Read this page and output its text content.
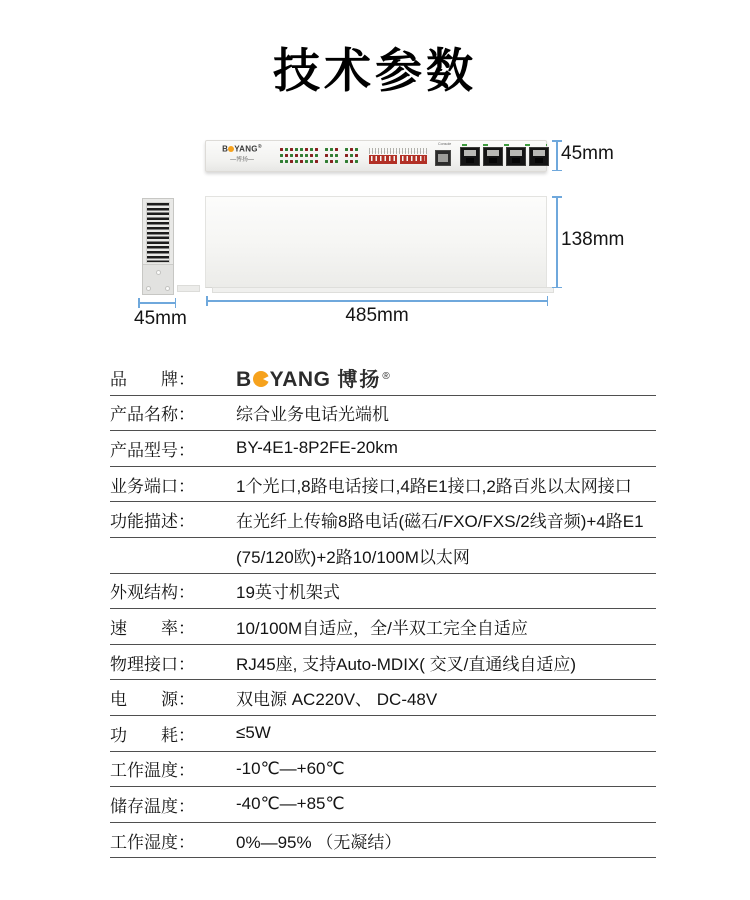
技术参数
B YANG®
—博扬—
Console	45mm
138mm
45mm	485mm
品　　牌：	B YANG 博扬®
产品名称：	综合业务电话光端机
产品型号：	BY-4E1-8P2FE-20km
业务端口：	1个光口,8路电话接口,4路E1接口,2路百兆以太网接口
功能描述：	在光纤上传输8路电话(磁石/FXO/FXS/2线音频)+4路E1
(75/120欧)+2路10/100M以太网
外观结构：	19英寸机架式
速　　率：	10/100M自适应，全/半双工完全自适应
物理接口：	RJ45座, 支持Auto-MDIX( 交叉/直通线自适应)
电　　源：	双电源 AC220V、 DC-48V
功　　耗：	≤5W
工作温度：	-10℃—+60℃
储存温度：	-40℃—+85℃
工作湿度：	0%—95% （无凝结）
